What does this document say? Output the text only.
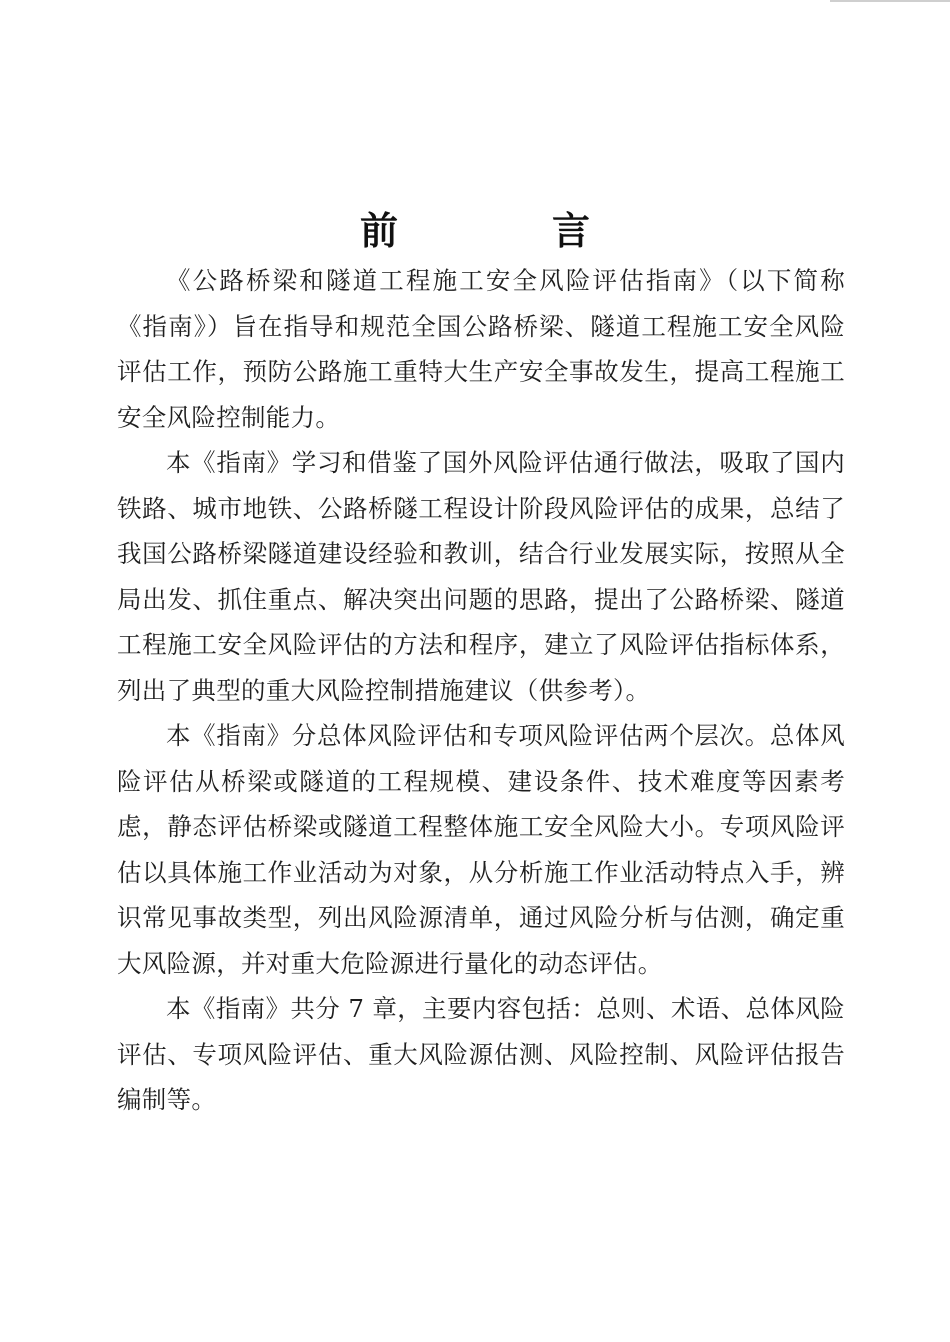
前　言

《公路桥梁和隧道工程施工安全风险评估指南》（以下简称《指南》）旨在指导和规范全国公路桥梁、隧道工程施工安全风险评估工作，预防公路施工重特大生产安全事故发生，提高工程施工安全风险控制能力。

本《指南》学习和借鉴了国外风险评估通行做法，吸取了国内铁路、城市地铁、公路桥隧工程设计阶段风险评估的成果，总结了我国公路桥梁隧道建设经验和教训，结合行业发展实际，按照从全局出发、抓住重点、解决突出问题的思路，提出了公路桥梁、隧道工程施工安全风险评估的方法和程序，建立了风险评估指标体系，列出了典型的重大风险控制措施建议（供参考）。

本《指南》分总体风险评估和专项风险评估两个层次。总体风险评估从桥梁或隧道的工程规模、建设条件、技术难度等因素考虑，静态评估桥梁或隧道工程整体施工安全风险大小。专项风险评估以具体施工作业活动为对象，从分析施工作业活动特点入手，辨识常见事故类型，列出风险源清单，通过风险分析与估测，确定重大风险源，并对重大危险源进行量化的动态评估。

本《指南》共分 7 章，主要内容包括：总则、术语、总体风险评估、专项风险评估、重大风险源估测、风险控制、风险评估报告编制等。
